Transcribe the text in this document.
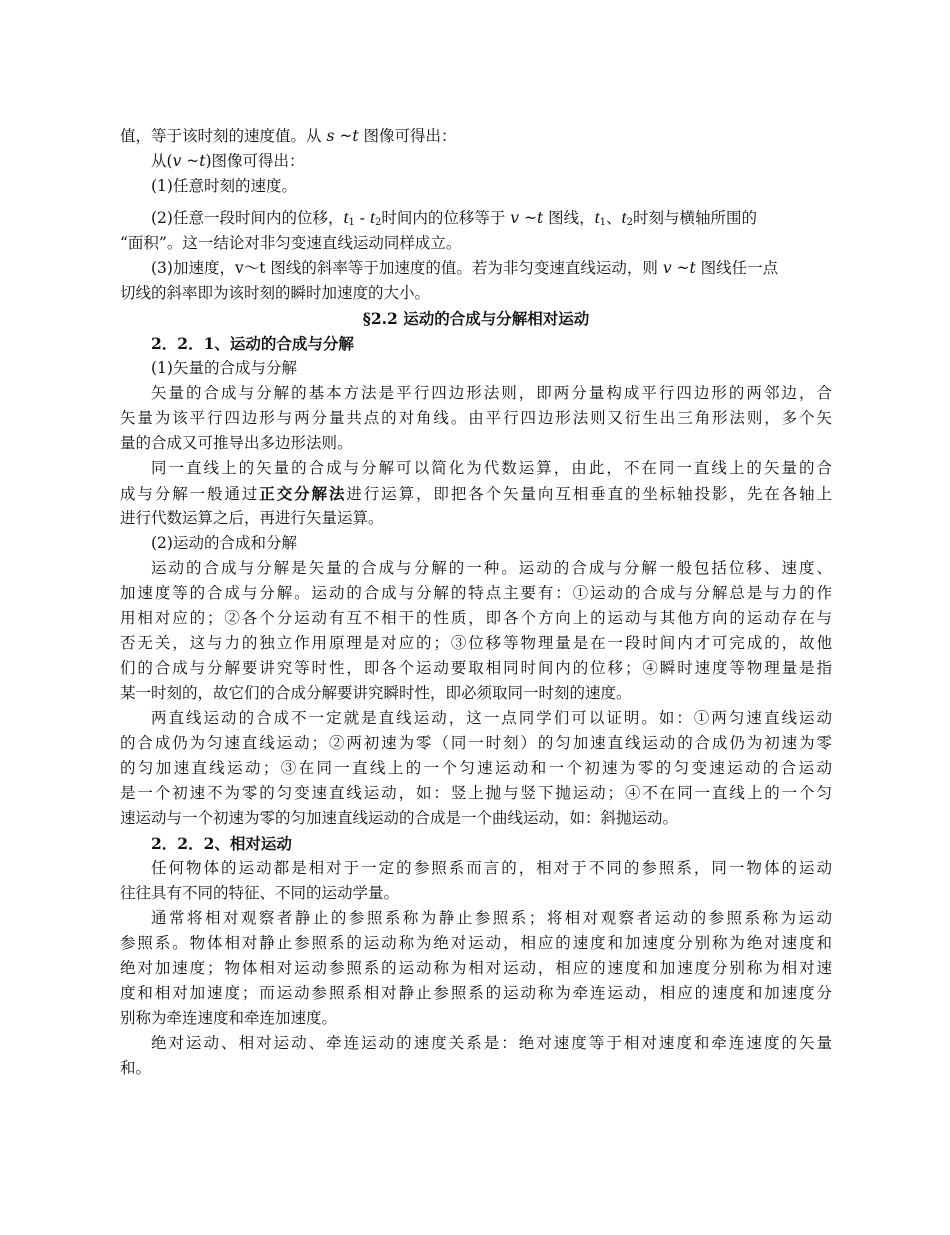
值，等于该时刻的速度值。从 s ~t 图像可得出：
从(v ~t)图像可得出：
(1)任意时刻的速度。
(2)任意一段时间内的位移，$t_1 - t_2$时间内的位移等于 v ~t 图线，$t_1$、$t_2$时刻与横轴所围的
“面积”。这一结论对非匀变速直线运动同样成立。
(3)加速度，v～t 图线的斜率等于加速度的值。若为非匀变速直线运动，则 v ~t 图线任一点
切线的斜率即为该时刻的瞬时加速度的大小。
§2.2 运动的合成与分解相对运动
2．2．1、运动的合成与分解
(1)矢量的合成与分解
矢量的合成与分解的基本方法是平行四边形法则，即两分量构成平行四边形的两邻边，合
矢量为该平行四边形与两分量共点的对角线。由平行四边形法则又衍生出三角形法则，多个矢
量的合成又可推导出多边形法则。
同一直线上的矢量的合成与分解可以简化为代数运算，由此，不在同一直线上的矢量的合
成与分解一般通过正交分解法进行运算，即把各个矢量向互相垂直的坐标轴投影，先在各轴上
进行代数运算之后，再进行矢量运算。
(2)运动的合成和分解
运动的合成与分解是矢量的合成与分解的一种。运动的合成与分解一般包括位移、速度、
加速度等的合成与分解。运动的合成与分解的特点主要有：①运动的合成与分解总是与力的作
用相对应的；②各个分运动有互不相干的性质，即各个方向上的运动与其他方向的运动存在与
否无关，这与力的独立作用原理是对应的；③位移等物理量是在一段时间内才可完成的，故他
们的合成与分解要讲究等时性，即各个运动要取相同时间内的位移；④瞬时速度等物理量是指
某一时刻的，故它们的合成分解要讲究瞬时性，即必须取同一时刻的速度。
两直线运动的合成不一定就是直线运动，这一点同学们可以证明。如：①两匀速直线运动
的合成仍为匀速直线运动；②两初速为零（同一时刻）的匀加速直线运动的合成仍为初速为零
的匀加速直线运动；③在同一直线上的一个匀速运动和一个初速为零的匀变速运动的合运动
是一个初速不为零的匀变速直线运动，如：竖上抛与竖下抛运动；④不在同一直线上的一个匀
速运动与一个初速为零的匀加速直线运动的合成是一个曲线运动，如：斜抛运动。
2．2．2、相对运动
任何物体的运动都是相对于一定的参照系而言的，相对于不同的参照系，同一物体的运动
往往具有不同的特征、不同的运动学量。
通常将相对观察者静止的参照系称为静止参照系；将相对观察者运动的参照系称为运动
参照系。物体相对静止参照系的运动称为绝对运动，相应的速度和加速度分别称为绝对速度和
绝对加速度；物体相对运动参照系的运动称为相对运动，相应的速度和加速度分别称为相对速
度和相对加速度；而运动参照系相对静止参照系的运动称为牵连运动，相应的速度和加速度分
别称为牵连速度和牵连加速度。
绝对运动、相对运动、牵连运动的速度关系是：绝对速度等于相对速度和牵连速度的矢量
和。
